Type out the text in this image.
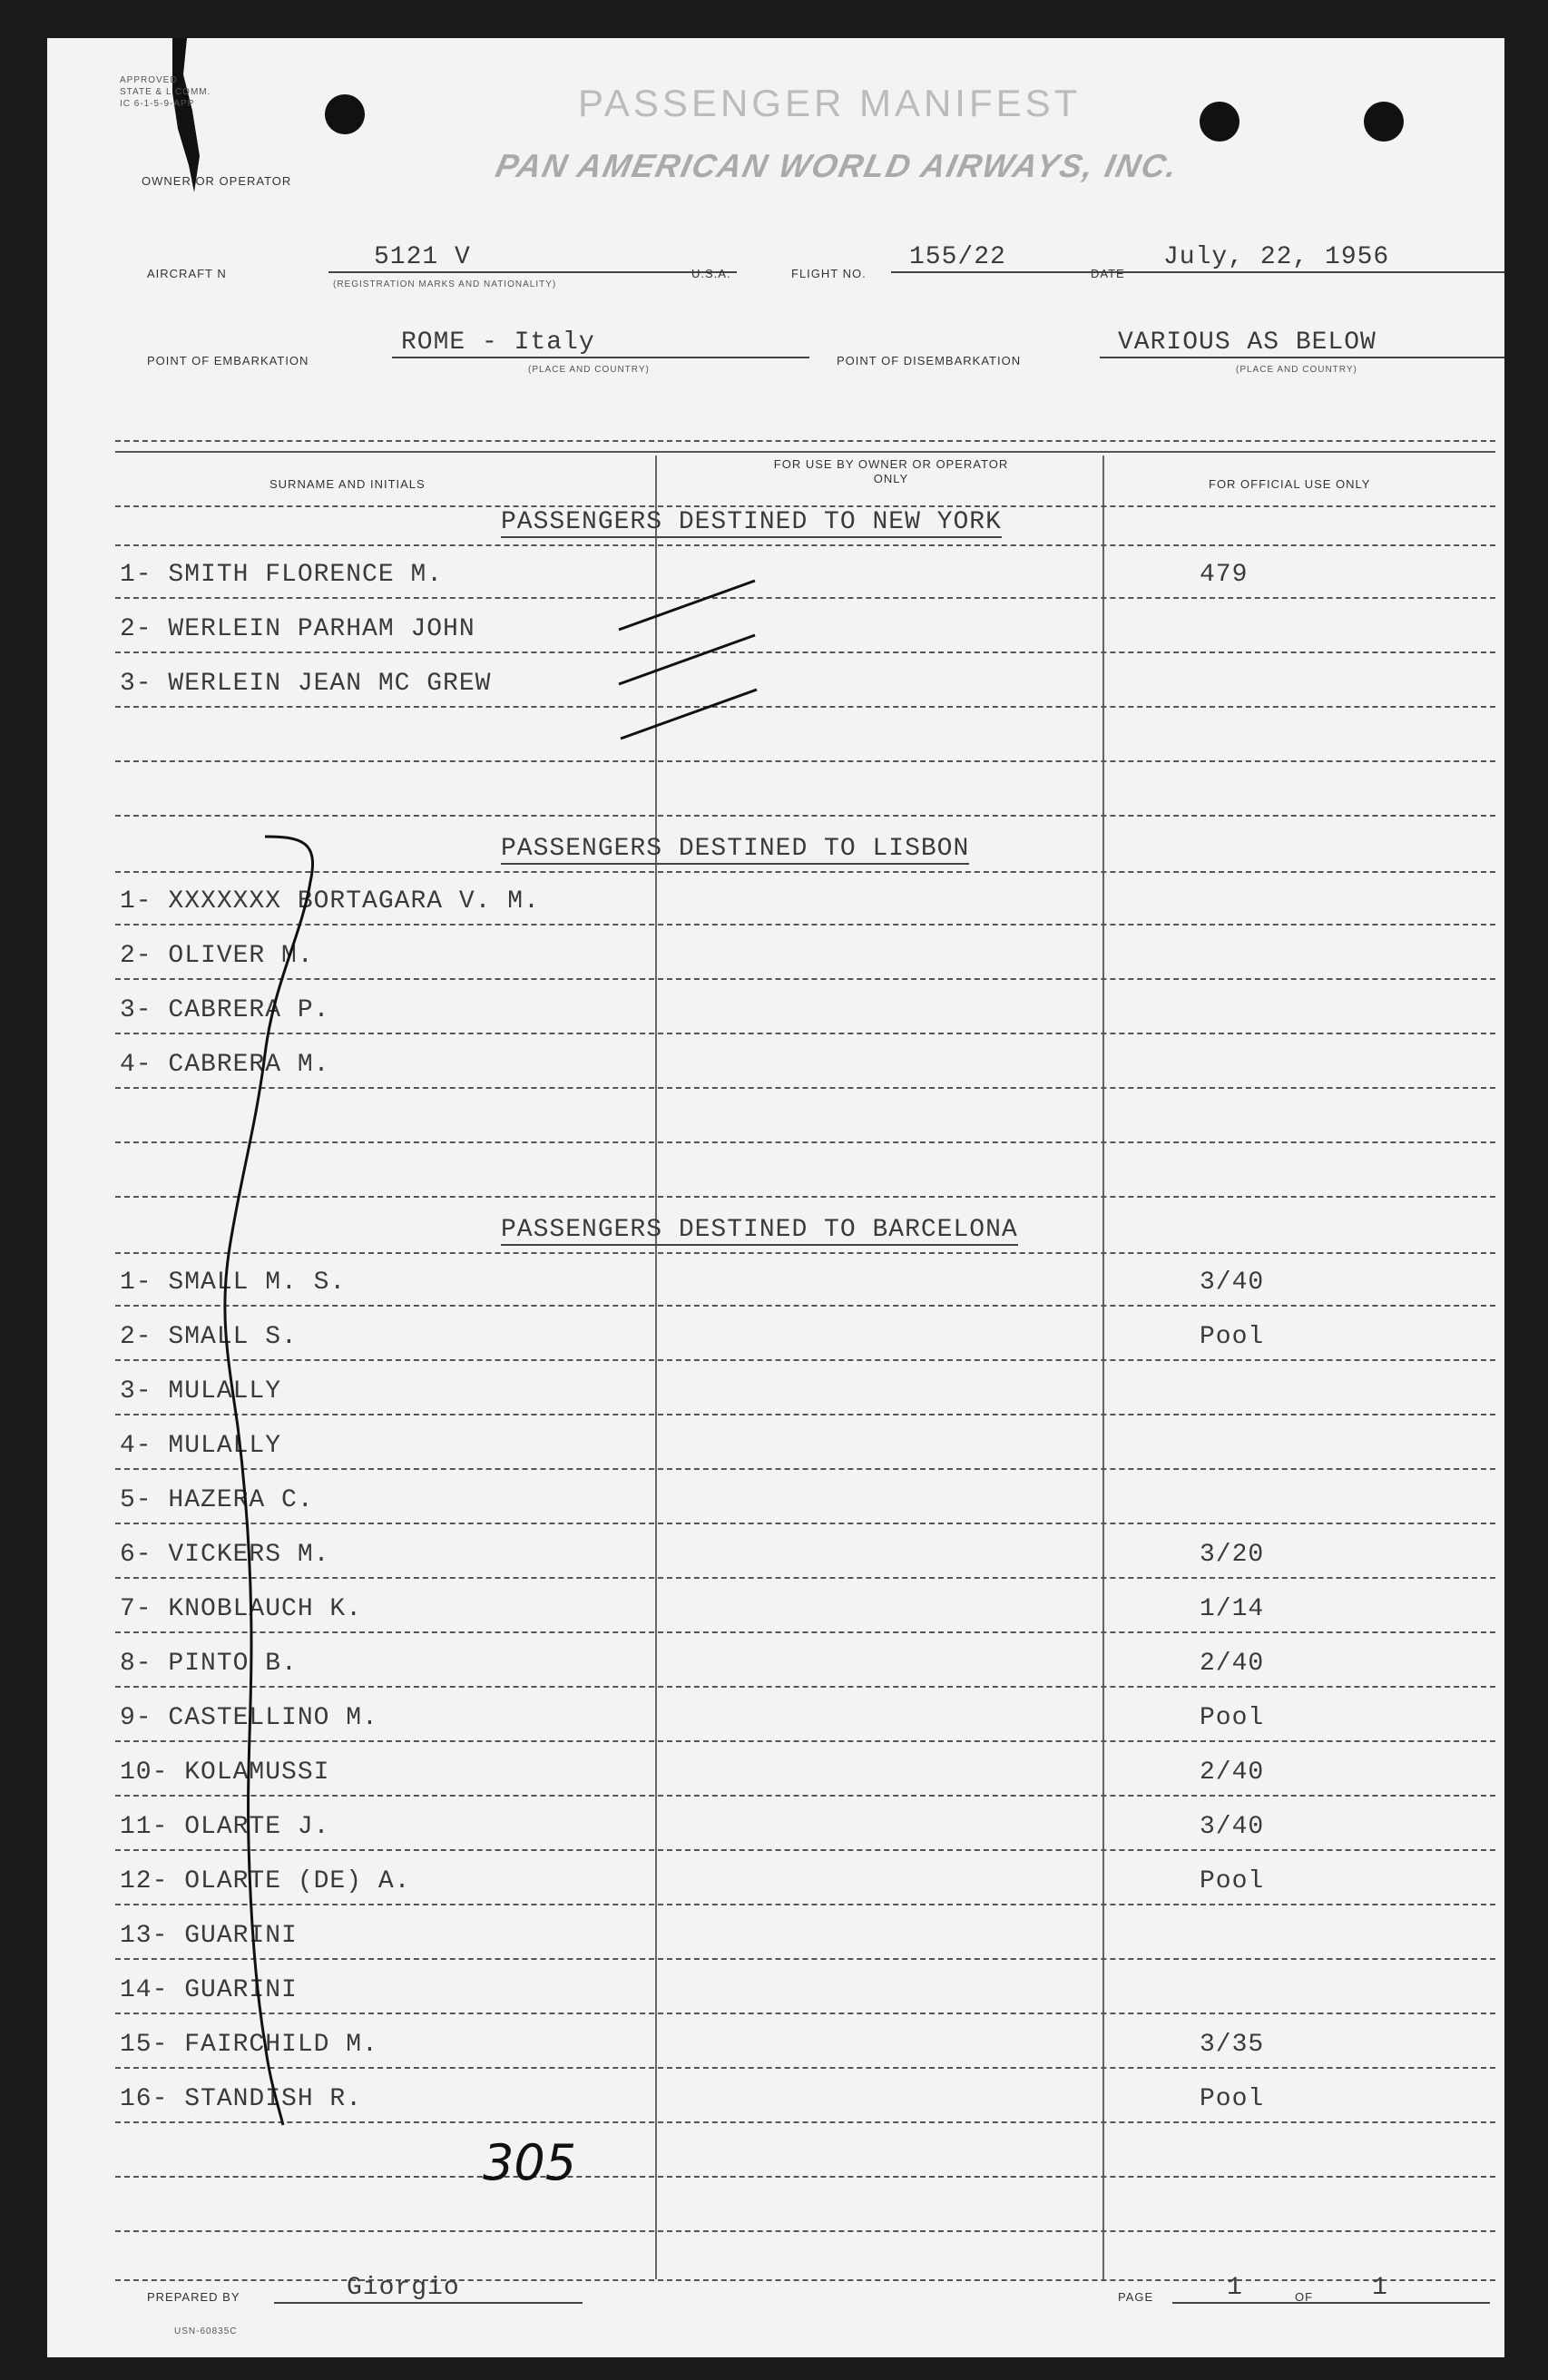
APPROVED
STATE & L COMM.
IC 6-1-5-9-APP	PASSENGER MANIFEST
PAN AMERICAN WORLD AIRWAYS, INC.
OWNER OR OPERATOR
AIRCRAFT N
5121 V
(REGISTRATION MARKS AND NATIONALITY)
U.S.A.	FLIGHT NO.
155/22
DATE
July, 22, 1956
POINT OF EMBARKATION
ROME - Italy
(PLACE AND COUNTRY)
POINT OF DISEMBARKATION
VARIOUS AS BELOW
(PLACE AND COUNTRY)
SURNAME AND INITIALS
FOR USE BY OWNER OR OPERATOR ONLY	FOR OFFICIAL USE ONLY
PASSENGERS DESTINED TO NEW YORK
1- SMITH FLORENCE M.	479
2- WERLEIN PARHAM JOHN
3- WERLEIN JEAN MC GREW
PASSENGERS DESTINED TO LISBON
1- XXXXXXX BORTAGARA V. M.
2- OLIVER M.
3- CABRERA P.
4- CABRERA M.
PASSENGERS DESTINED TO BARCELONA
1- SMALL M. S.	3/40
2- SMALL S.	Pool
3- MULALLY
4- MULALLY
5- HAZERA C.
6- VICKERS M.	3/20
7- KNOBLAUCH K.	1/14
8- PINTO B.	2/40
9- CASTELLINO M.	Pool
10- KOLAMUSSI	2/40
11- OLARTE J.	3/40
12- OLARTE (DE) A.	Pool
13- GUARINI
14- GUARINI
15- FAIRCHILD M.	3/35
16- STANDISH R.	Pool
305
PREPARED BY	Giorgio	PAGE	1	OF	1
USN-60835C
